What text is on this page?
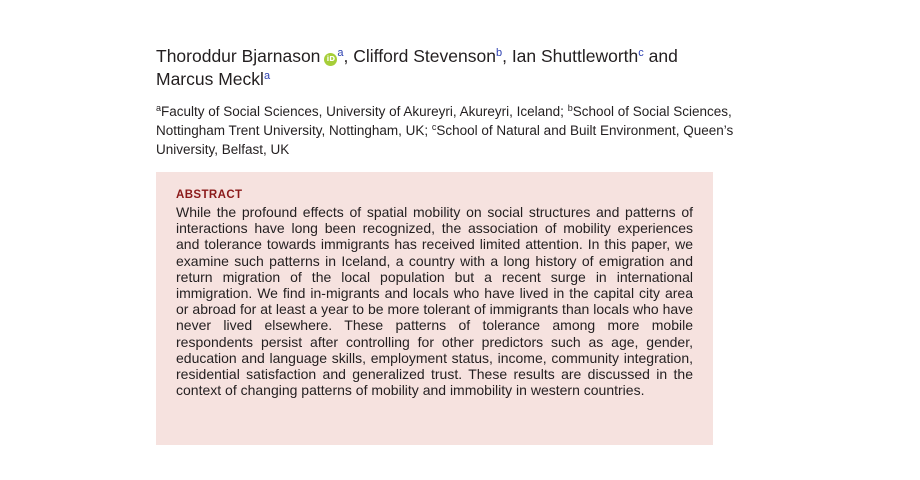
Thoroddur Bjarnason iD $^a$, Clifford Stevenson$^b$, Ian Shuttleworth$^c$ and
Marcus Meckl$^a$
$^a$Faculty of Social Sciences, University of Akureyri, Akureyri, Iceland; $^b$School of Social Sciences, Nottingham Trent University, Nottingham, UK; $^c$School of Natural and Built Environment, Queen’s University, Belfast, UK
ABSTRACT
While the profound effects of spatial mobility on social structures and patterns of interactions have long been recognized, the association of mobility experiences and tolerance towards immigrants has received limited attention. In this paper, we examine such patterns in Iceland, a country with a long history of emigration and return migration of the local population but a recent surge in international immigration. We find in-migrants and locals who have lived in the capital city area or abroad for at least a year to be more tolerant of immigrants than locals who have never lived elsewhere. These patterns of tolerance among more mobile respondents persist after controlling for other predictors such as age, gender, education and language skills, employment status, income, community integration, residential satisfaction and generalized trust. These results are discussed in the context of changing patterns of mobility and immobility in western countries.
